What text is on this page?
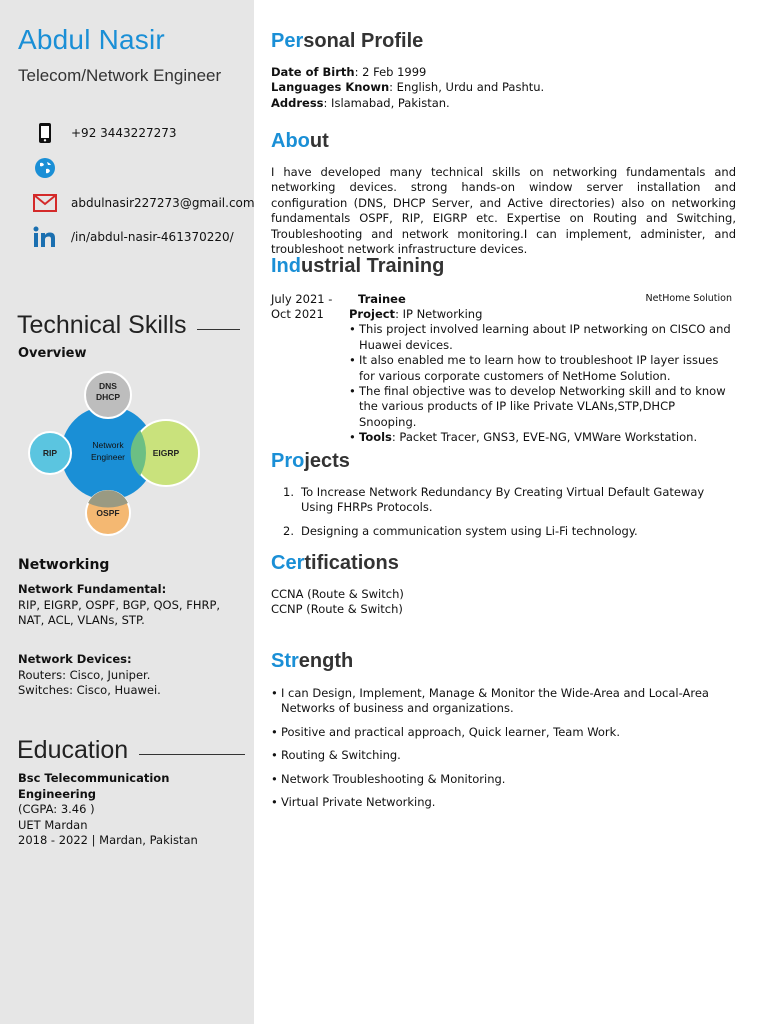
Abdul Nasir
Telecom/Network Engineer
+92 3443227273
abdulnasir227273@gmail.com
/in/abdul-nasir-461370220/
Technical Skills
Overview
DNS
DHCP
RIP	EIGRP
OSPF
Network
Engineer
Networking
Network Fundamental:
RIP, EIGRP, OSPF, BGP, QOS, FHRP, NAT, ACL, VLANs, STP.
Network Devices:
Routers: Cisco, Juniper.
Switches: Cisco, Huawei.
Education
Bsc Telecommunication Engineering
(CGPA: 3.46 )
UET Mardan
2018 - 2022 | Mardan, Pakistan
Personal Profile
Date of Birth: 2 Feb 1999
Languages Known: English, Urdu and Pashtu.
Address: Islamabad, Pakistan.
About
I have developed many technical skills on networking fundamentals and networking devices. strong hands-on window server installation and configuration (DNS, DHCP Server, and Active directories) also on networking fundamentals OSPF, RIP, EIGRP etc. Expertise on Routing and Switching, Troubleshooting and network monitoring.I can implement, administer, and troubleshoot network infrastructure devices.
Industrial Training
July 2021 -
Oct 2021
Trainee	NetHome Solution
Project: IP Networking
• This project involved learning about IP networking on CISCO and Huawei devices.
• It also enabled me to learn how to troubleshoot IP layer issues for various corporate customers of NetHome Solution.
• The final objective was to develop Networking skill and to know the various products of IP like Private VLANs,STP,DHCP Snooping.
• Tools: Packet Tracer, GNS3, EVE-NG, VMWare Workstation.
Projects
1. To Increase Network Redundancy By Creating Virtual Default Gateway Using FHRPs Protocols.
2. Designing a communication system using Li-Fi technology.
Certifications
CCNA (Route & Switch)
CCNP (Route & Switch)
Strength
• I can Design, Implement, Manage & Monitor the Wide-Area and Local-Area Networks of business and organizations.
• Positive and practical approach, Quick learner, Team Work.
• Routing & Switching.
• Network Troubleshooting & Monitoring.
• Virtual Private Networking.
